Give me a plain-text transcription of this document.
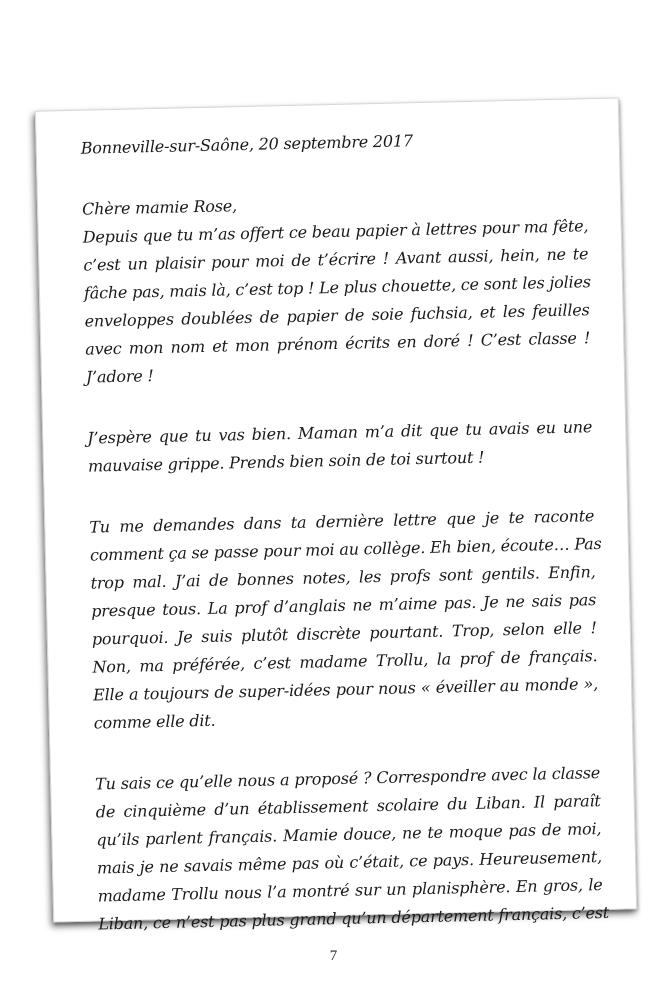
Bonneville-sur-Saône, 20 septembre 2017
Chère mamie Rose,
Depuis que tu m’as offert ce beau papier à lettres pour ma fête,
c’est un plaisir pour moi de t’écrire ! Avant aussi, hein, ne te
fâche pas, mais là, c’est top ! Le plus chouette, ce sont les jolies
enveloppes doublées de papier de soie fuchsia, et les feuilles
avec mon nom et mon prénom écrits en doré ! C’est classe !
J’adore !
J’espère que tu vas bien. Maman m’a dit que tu avais eu une
mauvaise grippe. Prends bien soin de toi surtout !
Tu me demandes dans ta dernière lettre que je te raconte
comment ça se passe pour moi au collège. Eh bien, écoute… Pas
trop mal. J’ai de bonnes notes, les profs sont gentils. Enfin,
presque tous. La prof d’anglais ne m’aime pas. Je ne sais pas
pourquoi. Je suis plutôt discrète pourtant. Trop, selon elle !
Non, ma préférée, c’est madame Trollu, la prof de français.
Elle a toujours de super-idées pour nous « éveiller au monde »,
comme elle dit.
Tu sais ce qu’elle nous a proposé ? Correspondre avec la classe
de cinquième d’un établissement scolaire du Liban. Il paraît
qu’ils parlent français. Mamie douce, ne te moque pas de moi,
mais je ne savais même pas où c’était, ce pays. Heureusement,
madame Trollu nous l’a montré sur un planisphère. En gros, le
Liban, ce n’est pas plus grand qu’un département français, c’est
7
